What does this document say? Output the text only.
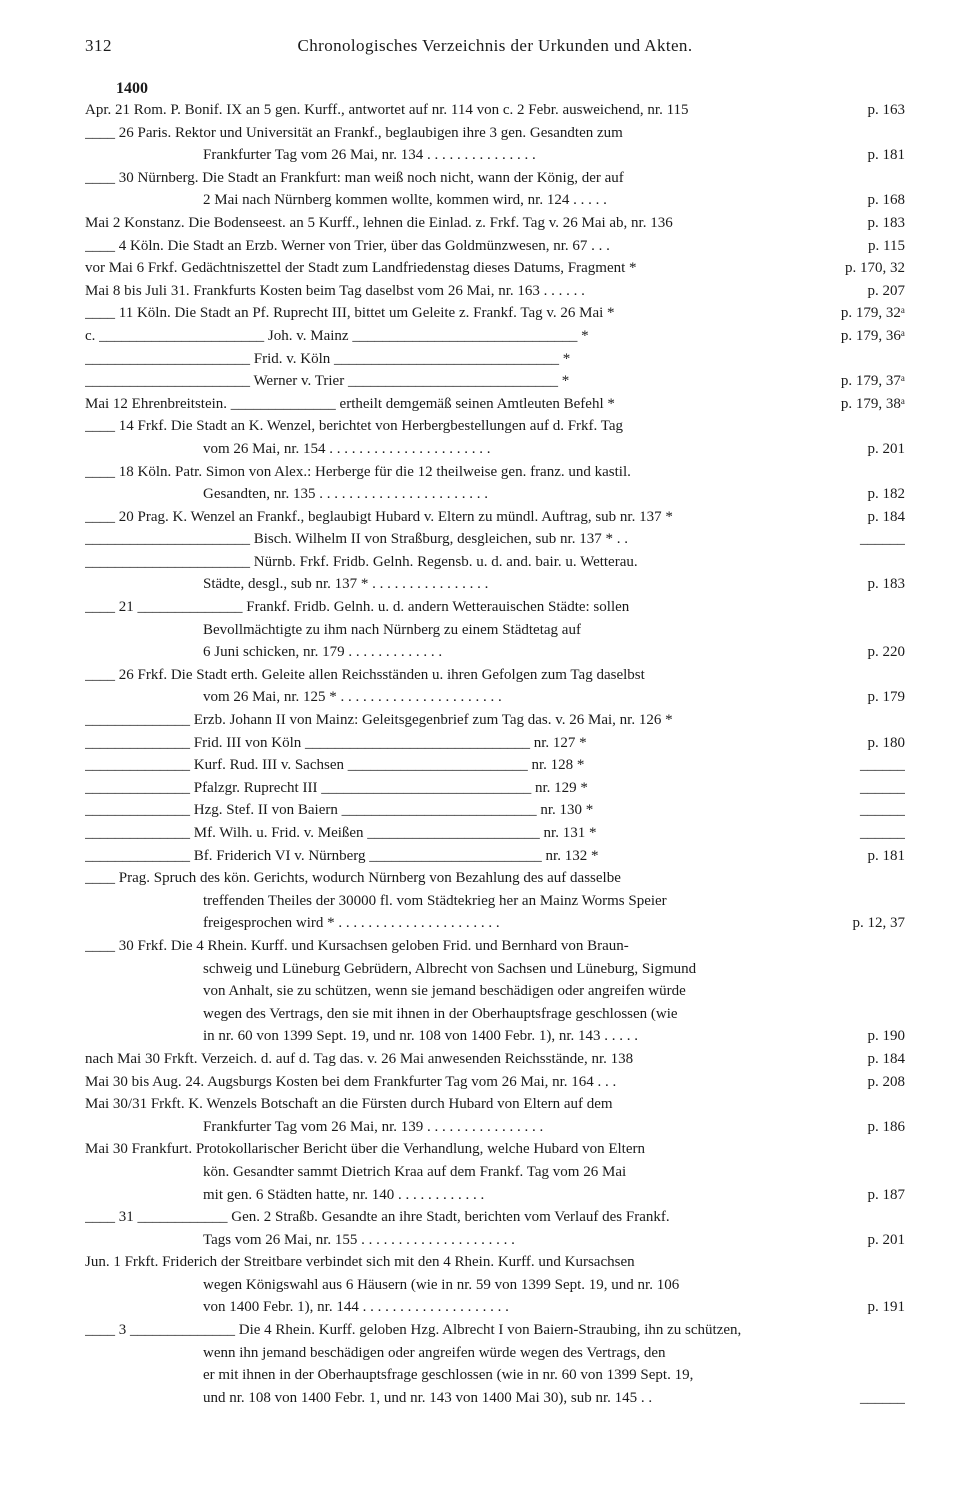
312	Chronologisches Verzeichnis der Urkunden und Akten.
1400
Apr. 21 Rom. P. Bonif. IX an 5 gen. Kurff., antwortet auf nr. 114 von c. 2 Febr. ausweichend, nr. 115	p. 163
____ 26 Paris. Rektor und Universität an Frankf., beglaubigen ihre 3 gen. Gesandten zum
Frankfurter Tag vom 26 Mai, nr. 134 . . . . . . . . . . . . . . .	p. 181
____ 30 Nürnberg. Die Stadt an Frankfurt: man weiß noch nicht, wann der König, der auf
2 Mai nach Nürnberg kommen wollte, kommen wird, nr. 124 . . . . .	p. 168
Mai 2 Konstanz. Die Bodenseest. an 5 Kurff., lehnen die Einlad. z. Frkf. Tag v. 26 Mai ab, nr. 136	p. 183
____ 4 Köln. Die Stadt an Erzb. Werner von Trier, über das Goldmünzwesen, nr. 67 . . .	p. 115
vor Mai 6 Frkf. Gedächtniszettel der Stadt zum Landfriedenstag dieses Datums, Fragment *	p. 170, 32
Mai 8 bis Juli 31. Frankfurts Kosten beim Tag daselbst vom 26 Mai, nr. 163 . . . . . .	p. 207
____ 11 Köln. Die Stadt an Pf. Ruprecht III, bittet um Geleite z. Frankf. Tag v. 26 Mai *	p. 179, 32ᵃ
c. ______________________ Joh. v. Mainz ______________________________ *	p. 179, 36ᵃ
______________________ Frid. v. Köln ______________________________ *
______________________ Werner v. Trier ____________________________ *	p. 179, 37ᵃ
Mai 12 Ehrenbreitstein. ______________ ertheilt demgemäß seinen Amtleuten Befehl *	p. 179, 38ᵃ
____ 14 Frkf. Die Stadt an K. Wenzel, berichtet von Herbergbestellungen auf d. Frkf. Tag
vom 26 Mai, nr. 154 . . . . . . . . . . . . . . . . . . . . . .	p. 201
____ 18 Köln. Patr. Simon von Alex.: Herberge für die 12 theilweise gen. franz. und kastil.
Gesandten, nr. 135 . . . . . . . . . . . . . . . . . . . . . . .	p. 182
____ 20 Prag. K. Wenzel an Frankf., beglaubigt Hubard v. Eltern zu mündl. Auftrag, sub nr. 137 *	p. 184
______________________ Bisch. Wilhelm II von Straßburg, desgleichen, sub nr. 137 * . .	______
______________________ Nürnb. Frkf. Fridb. Gelnh. Regensb. u. d. and. bair. u. Wetterau.
Städte, desgl., sub nr. 137 * . . . . . . . . . . . . . . . .	p. 183
____ 21 ______________ Frankf. Fridb. Gelnh. u. d. andern Wetterauischen Städte: sollen
Bevollmächtigte zu ihm nach Nürnberg zu einem Städtetag auf
6 Juni schicken, nr. 179 . . . . . . . . . . . . .	p. 220
____ 26 Frkf. Die Stadt erth. Geleite allen Reichsständen u. ihren Gefolgen zum Tag daselbst
vom 26 Mai, nr. 125 * . . . . . . . . . . . . . . . . . . . . . .	p. 179
______________ Erzb. Johann II von Mainz: Geleitsgegenbrief zum Tag das. v. 26 Mai, nr. 126 *
______________ Frid. III von Köln ______________________________ nr. 127 *	p. 180
______________ Kurf. Rud. III v. Sachsen ________________________ nr. 128 *	______
______________ Pfalzgr. Ruprecht III ____________________________ nr. 129 *	______
______________ Hzg. Stef. II von Baiern __________________________ nr. 130 *	______
______________ Mf. Wilh. u. Frid. v. Meißen _______________________ nr. 131 *	______
______________ Bf. Friderich VI v. Nürnberg _______________________ nr. 132 *	p. 181
____ Prag. Spruch des kön. Gerichts, wodurch Nürnberg von Bezahlung des auf dasselbe
treffenden Theiles der 30000 fl. vom Städtekrieg her an Mainz Worms Speier
freigesprochen wird * . . . . . . . . . . . . . . . . . . . . . .	p. 12, 37
____ 30 Frkf. Die 4 Rhein. Kurff. und Kursachsen geloben Frid. und Bernhard von Braun-
schweig und Lüneburg Gebrüdern, Albrecht von Sachsen und Lüneburg, Sigmund
von Anhalt, sie zu schützen, wenn sie jemand beschädigen oder angreifen würde
wegen des Vertrags, den sie mit ihnen in der Oberhauptsfrage geschlossen (wie
in nr. 60 von 1399 Sept. 19, und nr. 108 von 1400 Febr. 1), nr. 143 . . . . .	p. 190
nach Mai 30 Frkft. Verzeich. d. auf d. Tag das. v. 26 Mai anwesenden Reichsstände, nr. 138	p. 184
Mai 30 bis Aug. 24. Augsburgs Kosten bei dem Frankfurter Tag vom 26 Mai, nr. 164 . . .	p. 208
Mai 30/31 Frkft. K. Wenzels Botschaft an die Fürsten durch Hubard von Eltern auf dem
Frankfurter Tag vom 26 Mai, nr. 139 . . . . . . . . . . . . . . . .	p. 186
Mai 30 Frankfurt. Protokollarischer Bericht über die Verhandlung, welche Hubard von Eltern
kön. Gesandter sammt Dietrich Kraa auf dem Frankf. Tag vom 26 Mai
mit gen. 6 Städten hatte, nr. 140 . . . . . . . . . . . .	p. 187
____ 31 ____________ Gen. 2 Straßb. Gesandte an ihre Stadt, berichten vom Verlauf des Frankf.
Tags vom 26 Mai, nr. 155 . . . . . . . . . . . . . . . . . . . . .	p. 201
Jun. 1 Frkft. Friderich der Streitbare verbindet sich mit den 4 Rhein. Kurff. und Kursachsen
wegen Königswahl aus 6 Häusern (wie in nr. 59 von 1399 Sept. 19, und nr. 106
von 1400 Febr. 1), nr. 144 . . . . . . . . . . . . . . . . . . . .	p. 191
____ 3 ______________ Die 4 Rhein. Kurff. geloben Hzg. Albrecht I von Baiern-Straubing, ihn zu schützen,
wenn ihn jemand beschädigen oder angreifen würde wegen des Vertrags, den
er mit ihnen in der Oberhauptsfrage geschlossen (wie in nr. 60 von 1399 Sept. 19,
und nr. 108 von 1400 Febr. 1, und nr. 143 von 1400 Mai 30), sub nr. 145 . .	______
